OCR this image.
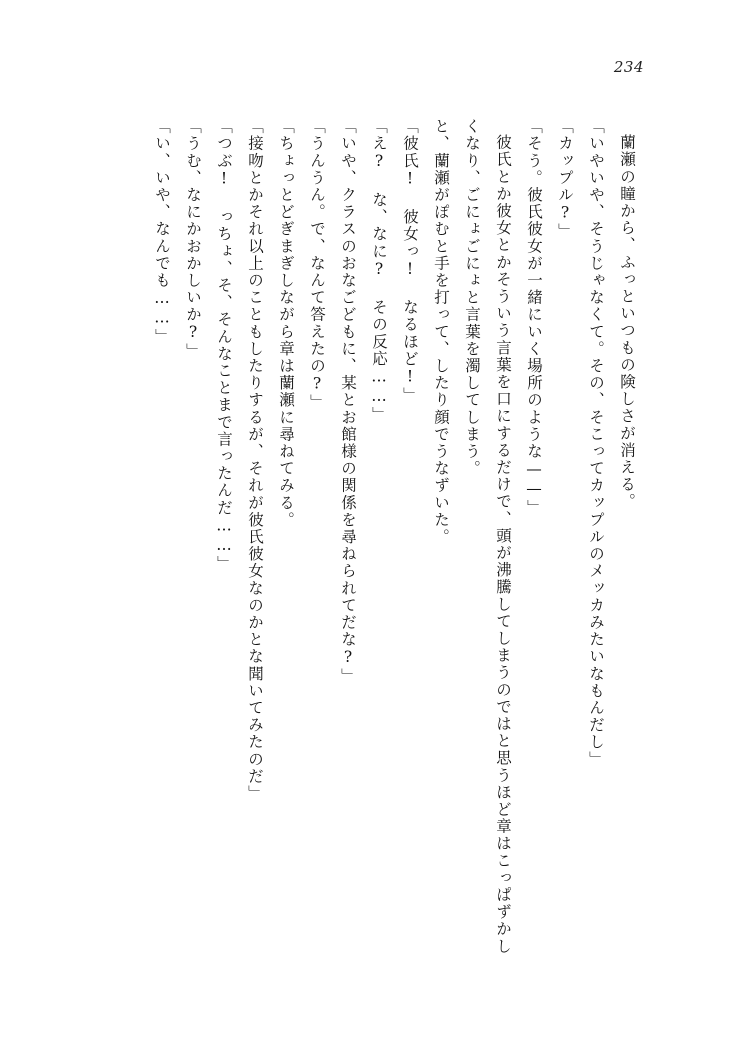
234

蘭瀬の瞳から、ふっといつもの険しさが消える。

「いやいや、そうじゃなくて。その、そこってカップルのメッカみたいなもんだし」

「カップル?」

「そう。彼氏彼女が一緒にいく場所のような——」

彼氏とか彼女とかそういう言葉を口にするだけで、頭が沸騰してしまうのではと思うほど章はこっぱずかしくなり、ごにょごにょと言葉を濁してしまう。

と、蘭瀬がぽむと手を打って、したり顔でうなずいた。

「彼氏! 彼女っ! なるほど!」

「え? な、なに? その反応……」

「いや、クラスのおなごどもに、某とお館様の関係を尋ねられてだな?」

「うんうん。で、なんて答えたの?」

「ちょっとどぎまぎしながら章は蘭瀬に尋ねてみる。

「接吻とかそれ以上のこともしたりするが、それが彼氏彼女なのかとな聞いてみたのだ」

「つぶ! っちょ、そ、そんなことまで言ったんだ……」

「うむ、なにかおかしいか?」

「い、いや、なんでも……」
